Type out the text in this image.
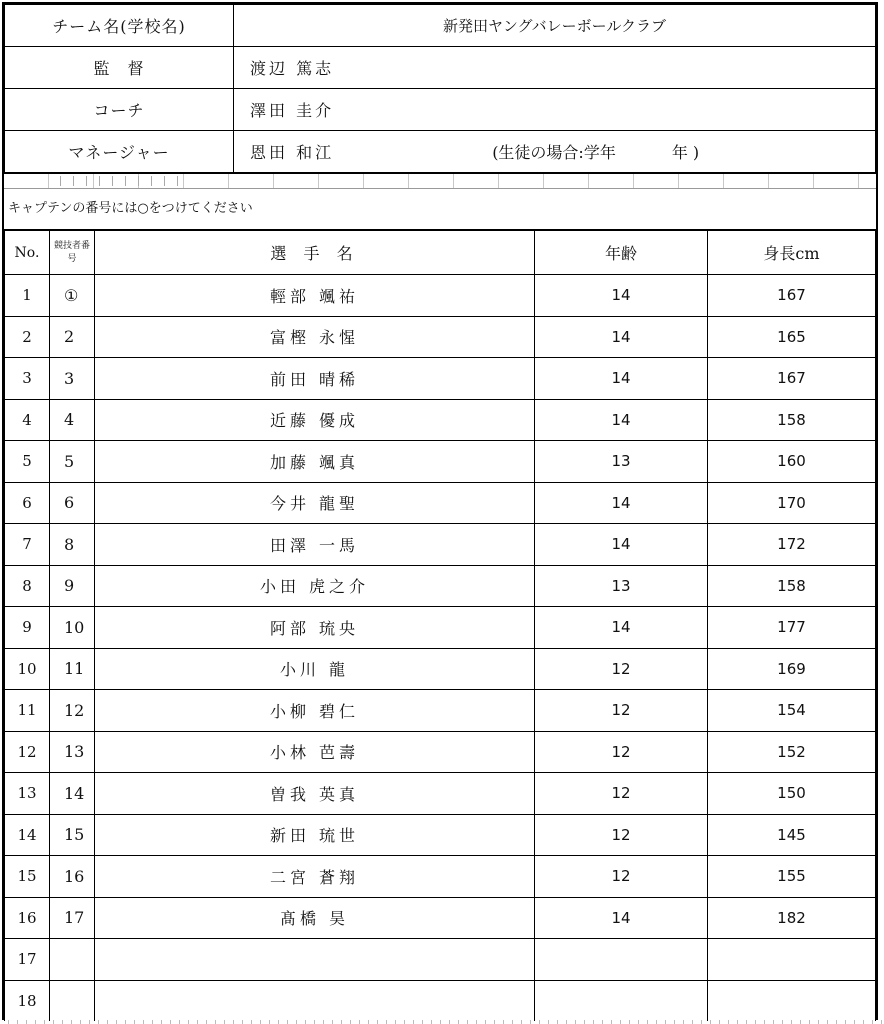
チーム名(学校名)	新発田ヤングバレーボールクラブ
監　督	渡辺 篤志
コーチ	澤田 圭介
マネージャー	恩田 和江 (生徒の場合:学年 年 )
キャプテンの番号には○をつけてください
No.	競技者番号	選 手 名	年齢	身長cm
1	①	輕部 颯祐	14	167
2	2	富樫 永惺	14	165
3	3	前田 晴稀	14	167
4	4	近藤 優成	14	158
5	5	加藤 颯真	13	160
6	6	今井 龍聖	14	170
7	8	田澤 一馬	14	172
8	9	小田 虎之介	13	158
9	10	阿部 琉央	14	177
10	11	小川 龍	12	169
11	12	小柳 碧仁	12	154
12	13	小林 芭壽	12	152
13	14	曽我 英真	12	150
14	15	新田 琉世	12	145
15	16	二宮 蒼翔	12	155
16	17	髙橋 昊	14	182
17				
18				
